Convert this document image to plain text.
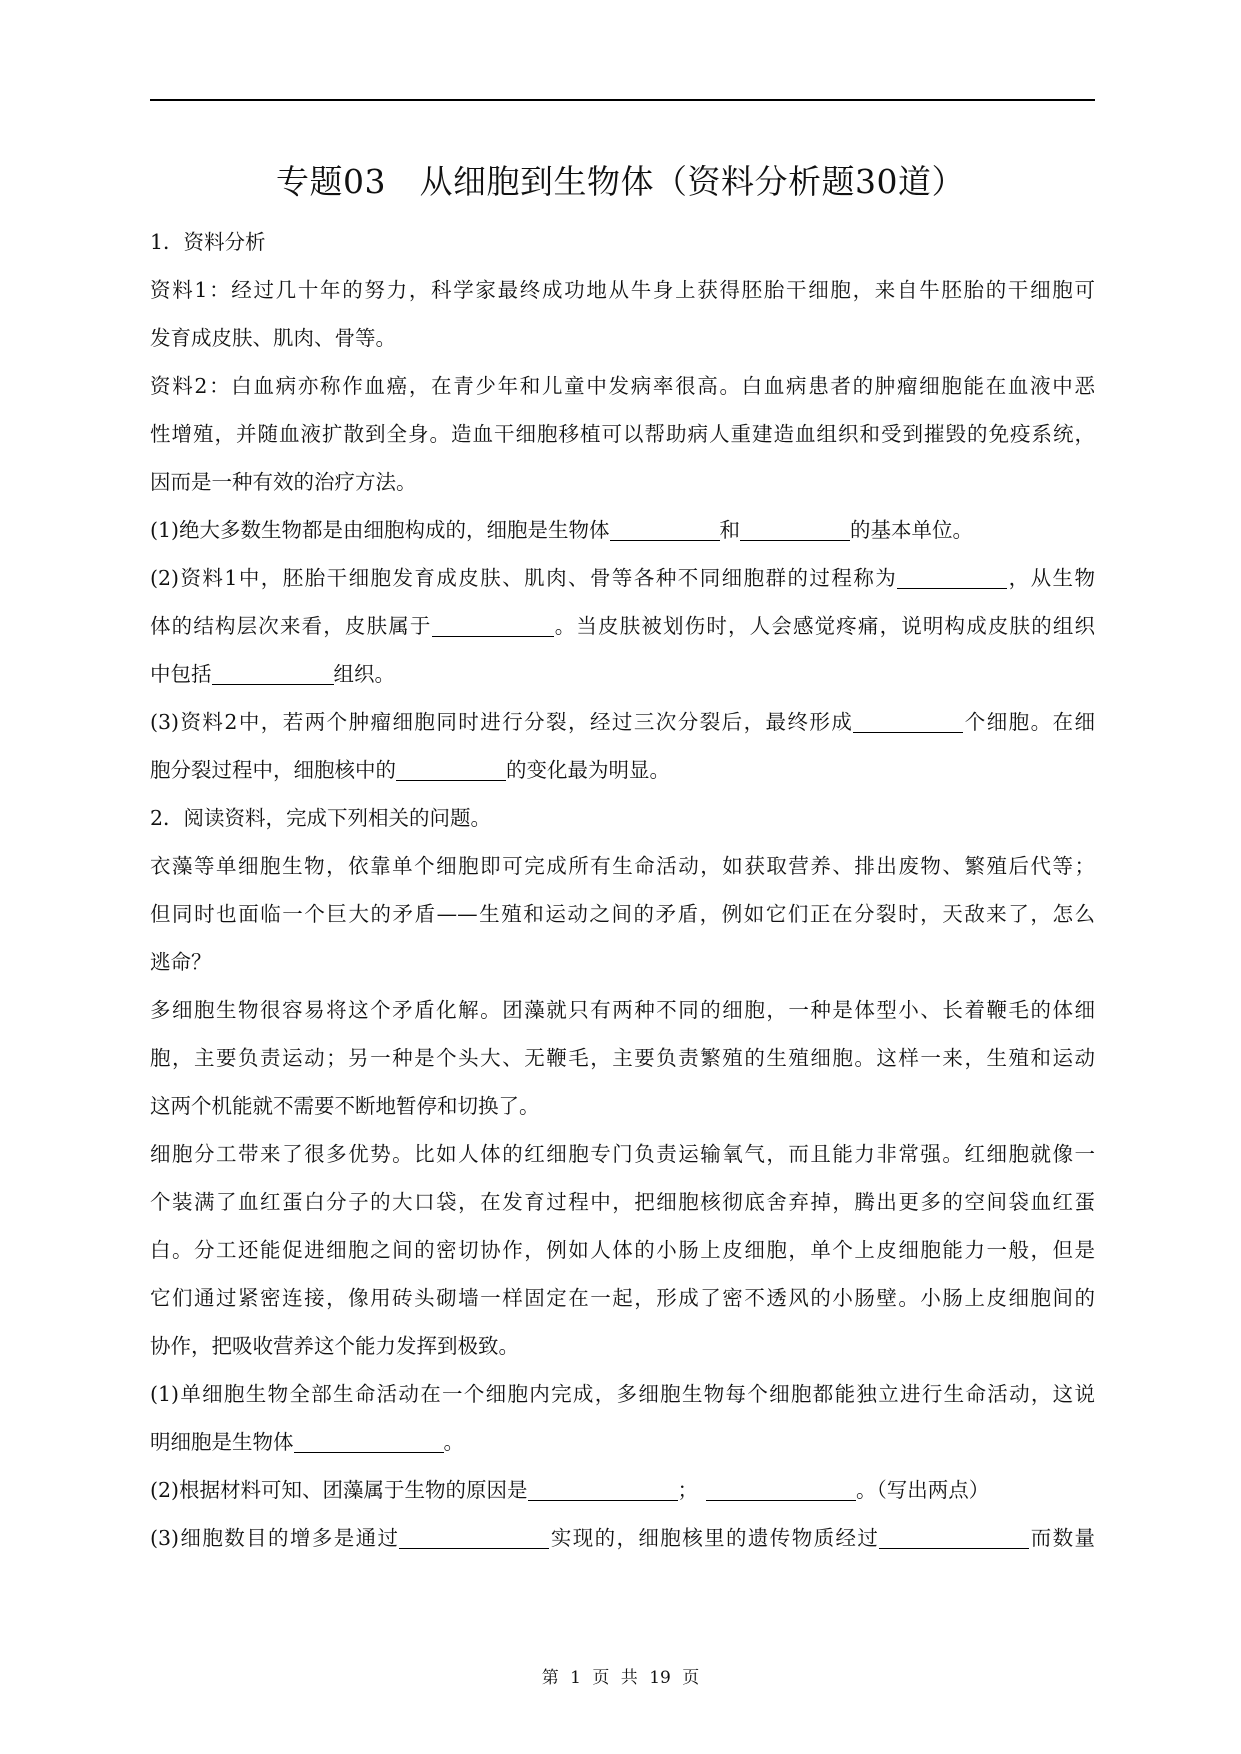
专题03　从细胞到生物体（资料分析题30道）
1．资料分析
资料1：经过几十年的努力，科学家最终成功地从牛身上获得胚胎干细胞，来自牛胚胎的干细胞可
发育成皮肤、肌肉、骨等。
资料2：白血病亦称作血癌，在青少年和儿童中发病率很高。白血病患者的肿瘤细胞能在血液中恶
性增殖，并随血液扩散到全身。造血干细胞移植可以帮助病人重建造血组织和受到摧毁的免疫系统，
因而是一种有效的治疗方法。
(1)绝大多数生物都是由细胞构成的，细胞是生物体	和	的基本单位。
(2)资料1中，胚胎干细胞发育成皮肤、肌肉、骨等各种不同细胞群的过程称为	，从生物
体的结构层次来看，皮肤属于	。当皮肤被划伤时，人会感觉疼痛，说明构成皮肤的组织
中包括	组织。
(3)资料2中，若两个肿瘤细胞同时进行分裂，经过三次分裂后，最终形成	个细胞。在细
胞分裂过程中，细胞核中的	的变化最为明显。
2．阅读资料，完成下列相关的问题。
衣藻等单细胞生物，依靠单个细胞即可完成所有生命活动，如获取营养、排出废物、繁殖后代等；
但同时也面临一个巨大的矛盾——生殖和运动之间的矛盾，例如它们正在分裂时，天敌来了，怎么
逃命？
多细胞生物很容易将这个矛盾化解。团藻就只有两种不同的细胞，一种是体型小、长着鞭毛的体细
胞，主要负责运动；另一种是个头大、无鞭毛，主要负责繁殖的生殖细胞。这样一来，生殖和运动
这两个机能就不需要不断地暂停和切换了。
细胞分工带来了很多优势。比如人体的红细胞专门负责运输氧气，而且能力非常强。红细胞就像一
个装满了血红蛋白分子的大口袋，在发育过程中，把细胞核彻底舍弃掉，腾出更多的空间袋血红蛋
白。分工还能促进细胞之间的密切协作，例如人体的小肠上皮细胞，单个上皮细胞能力一般，但是
它们通过紧密连接，像用砖头砌墙一样固定在一起，形成了密不透风的小肠壁。小肠上皮细胞间的
协作，把吸收营养这个能力发挥到极致。
(1)单细胞生物全部生命活动在一个细胞内完成，多细胞生物每个细胞都能独立进行生命活动，这说
明细胞是生物体	。
(2)根据材料可知、团藻属于生物的原因是	；	。（写出两点）
(3)细胞数目的增多是通过	实现的，细胞核里的遗传物质经过	而数量
第 1 页 共 19 页
